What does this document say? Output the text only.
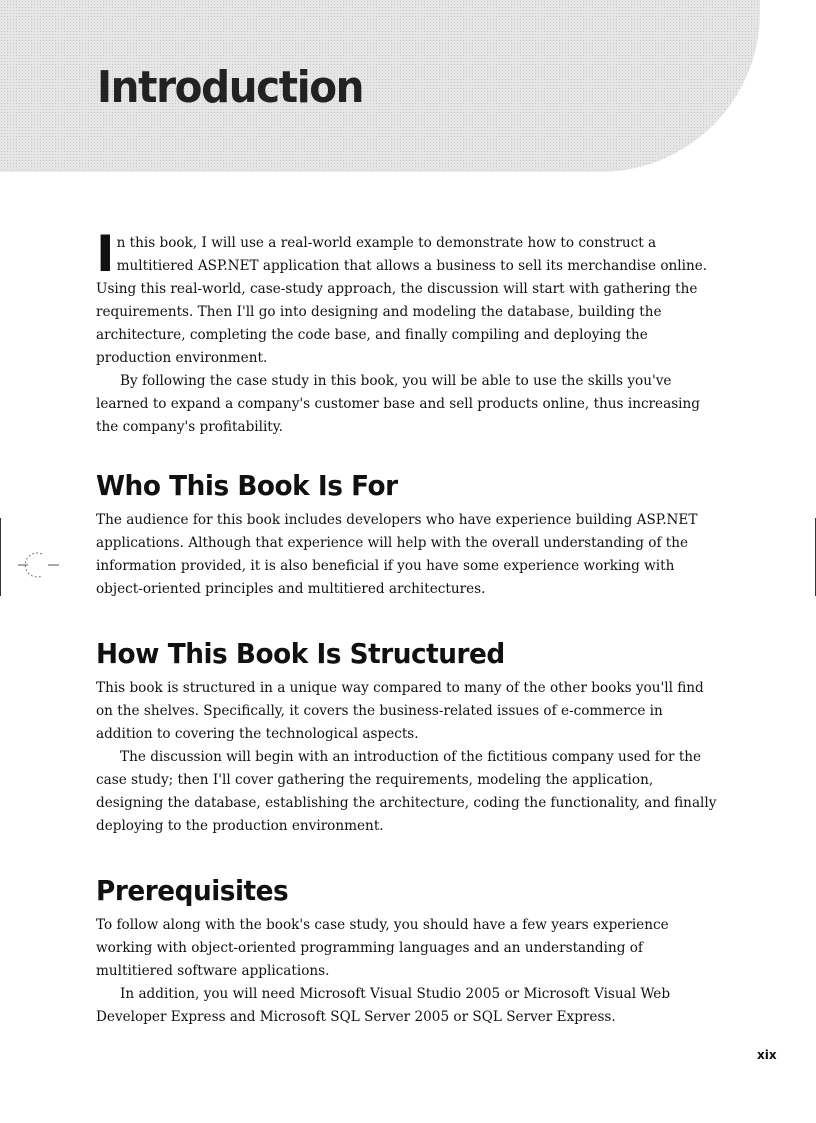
Introduction

In this book, I will use a real-world example to demonstrate how to construct a multitiered ASP.NET application that allows a business to sell its merchandise online. Using this real-world, case-study approach, the discussion will start with gathering the requirements. Then I'll go into designing and modeling the database, building the architecture, completing the code base, and finally compiling and deploying the production environment.

By following the case study in this book, you will be able to use the skills you've learned to expand a company's customer base and sell products online, thus increasing the company's profitability.

Who This Book Is For

The audience for this book includes developers who have experience building ASP.NET applications. Although that experience will help with the overall understanding of the information provided, it is also beneficial if you have some experience working with object-oriented principles and multitiered architectures.

How This Book Is Structured

This book is structured in a unique way compared to many of the other books you'll find on the shelves. Specifically, it covers the business-related issues of e-commerce in addition to covering the technological aspects.

The discussion will begin with an introduction of the fictitious company used for the case study; then I'll cover gathering the requirements, modeling the application, designing the database, establishing the architecture, coding the functionality, and finally deploying to the production environment.

Prerequisites

To follow along with the book's case study, you should have a few years experience working with object-oriented programming languages and an understanding of multitiered software applications.

In addition, you will need Microsoft Visual Studio 2005 or Microsoft Visual Web Developer Express and Microsoft SQL Server 2005 or SQL Server Express.

xix
